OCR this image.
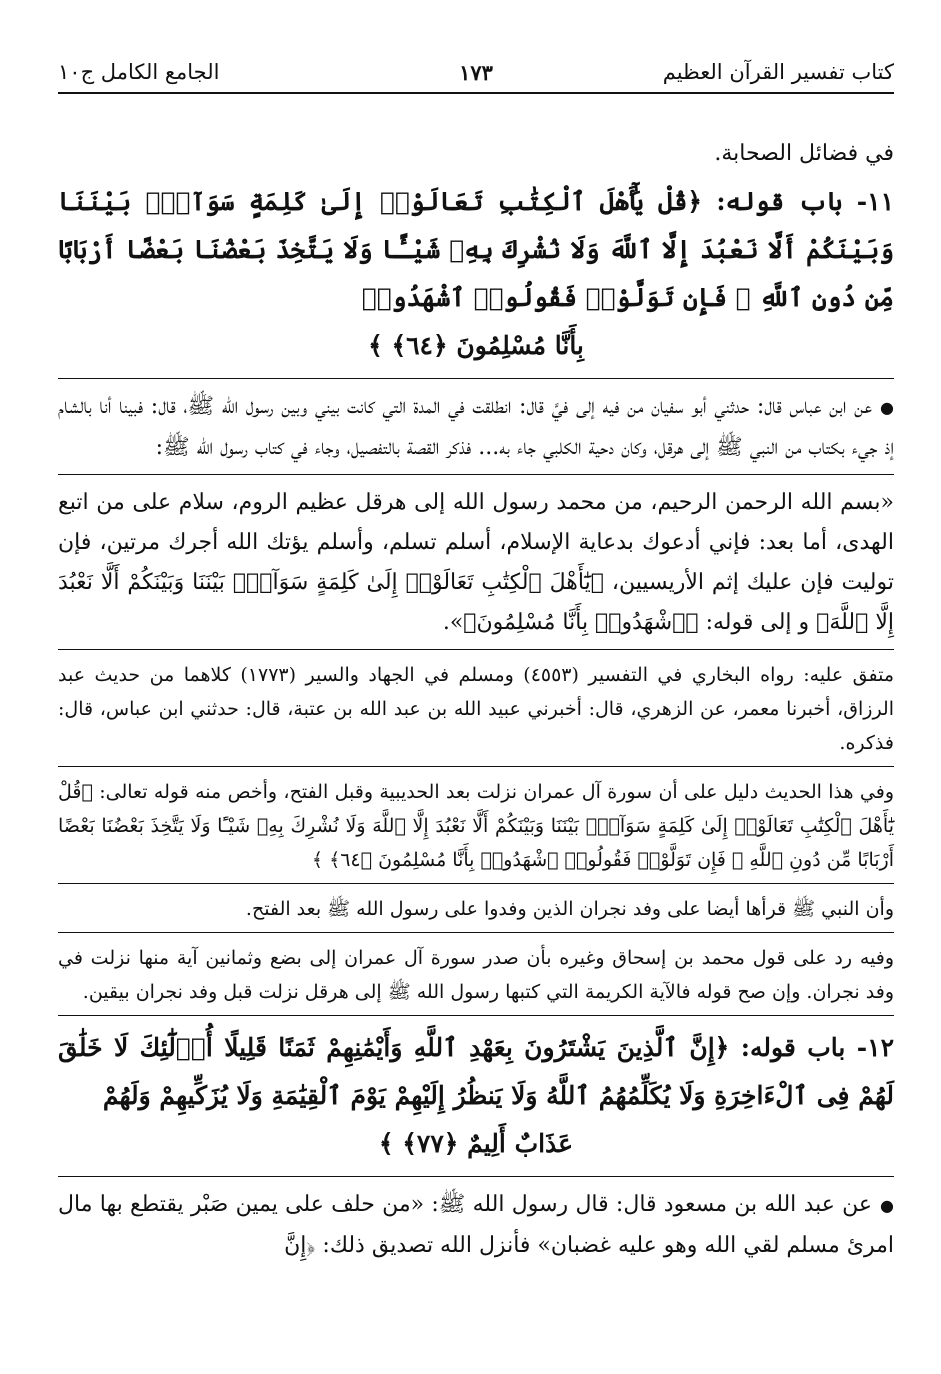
كتاب تفسير القرآن العظيم
١٧٣
الجامع الكامل ج١٠

في فضائل الصحابة.

١١- باب قوله: ﴿قُلْ يَٰٓأَهْلَ ٱلْكِتَٰبِ تَعَالَوْا۟ إِلَىٰ كَلِمَةٍ سَوَآءٍۭ بَيْنَنَا وَبَيْنَكُمْ أَلَّا نَعْبُدَ إِلَّا ٱللَّهَ وَلَا نُشْرِكَ بِهِۦ شَيْـًٔا وَلَا يَتَّخِذَ بَعْضُنَا بَعْضًا أَرْبَابًا مِّن دُونِ ٱللَّهِ ۚ فَإِن تَوَلَّوْا۟ فَقُولُوا۟ ٱشْهَدُوا۟
بِأَنَّا مُسْلِمُونَ ﴿٦٤﴾ ﴾

●عن ابن عباس قال: حدثني أبو سفيان من فيه إلى فيَّ قال: انطلقت في المدة التي كانت بيني وبين رسول الله ﷺ، قال: فبينا أنا بالشام إذ جيء بكتاب من النبي ﷺ إلى هرقل، وكان دحية الكلبي جاء به... فذكر القصة بالتفصيل، وجاء في كتاب رسول الله ﷺ:

«بسم الله الرحمن الرحيم، من محمد رسول الله إلى هرقل عظيم الروم، سلام على من اتبع الهدى، أما بعد: فإني أدعوك بدعاية الإسلام، أسلم تسلم، وأسلم يؤتك الله أجرك مرتين، فإن توليت فإن عليك إثم الأريسيين، ﴿يَٰٓأَهْلَ ٱلْكِتَٰبِ تَعَالَوْا۟ إِلَىٰ كَلِمَةٍ سَوَآءٍۭ بَيْنَنَا وَبَيْنَكُمْ أَلَّا نَعْبُدَ إِلَّا ٱللَّهَ﴾ و إلى قوله: ﴿ٱشْهَدُوا۟ بِأَنَّا مُسْلِمُونَ﴾».

متفق عليه: رواه البخاري في التفسير (٤٥٥٣) ومسلم في الجهاد والسير (١٧٧٣) كلاهما من حديث عبد الرزاق، أخبرنا معمر، عن الزهري، قال: أخبرني عبيد الله بن عبد الله بن عتبة، قال: حدثني ابن عباس، قال: فذكره.

وفي هذا الحديث دليل على أن سورة آل عمران نزلت بعد الحديبية وقبل الفتح، وأخص منه قوله تعالى: ﴿قُلْ يَٰٓأَهْلَ ٱلْكِتَٰبِ تَعَالَوْا۟ إِلَىٰ كَلِمَةٍ سَوَآءٍۭ بَيْنَنَا وَبَيْنَكُمْ أَلَّا نَعْبُدَ إِلَّا ٱللَّهَ وَلَا نُشْرِكَ بِهِۦ شَيْـًٔا وَلَا يَتَّخِذَ بَعْضُنَا بَعْضًا أَرْبَابًا مِّن دُونِ ٱللَّهِ ۚ فَإِن تَوَلَّوْا۟ فَقُولُوا۟ ٱشْهَدُوا۟ بِأَنَّا مُسْلِمُونَ ﴿٦٤﴾ ﴾

وأن النبي ﷺ قرأها أيضا على وفد نجران الذين وفدوا على رسول الله ﷺ بعد الفتح.

وفيه رد على قول محمد بن إسحاق وغيره بأن صدر سورة آل عمران إلى بضع وثمانين آية منها نزلت في وفد نجران. وإن صح قوله فالآية الكريمة التي كتبها رسول الله ﷺ إلى هرقل نزلت قبل وفد نجران بيقين.

١٢- باب قوله: ﴿إِنَّ ٱلَّذِينَ يَشْتَرُونَ بِعَهْدِ ٱللَّهِ وَأَيْمَٰنِهِمْ ثَمَنًا قَلِيلًا أُو۟لَٰٓئِكَ لَا خَلَٰقَ لَهُمْ فِى ٱلْءَاخِرَةِ وَلَا يُكَلِّمُهُمُ ٱللَّهُ وَلَا يَنظُرُ إِلَيْهِمْ يَوْمَ ٱلْقِيَٰمَةِ وَلَا يُزَكِّيهِمْ وَلَهُمْ
عَذَابٌ أَلِيمٌ ﴿٧٧﴾ ﴾

●عن عبد الله بن مسعود قال: قال رسول الله ﷺ: «من حلف على يمين صَبْر يقتطع بها مال امرئ مسلم لقي الله وهو عليه غضبان» فأنزل الله تصديق ذلك: ﴿إِنَّ
